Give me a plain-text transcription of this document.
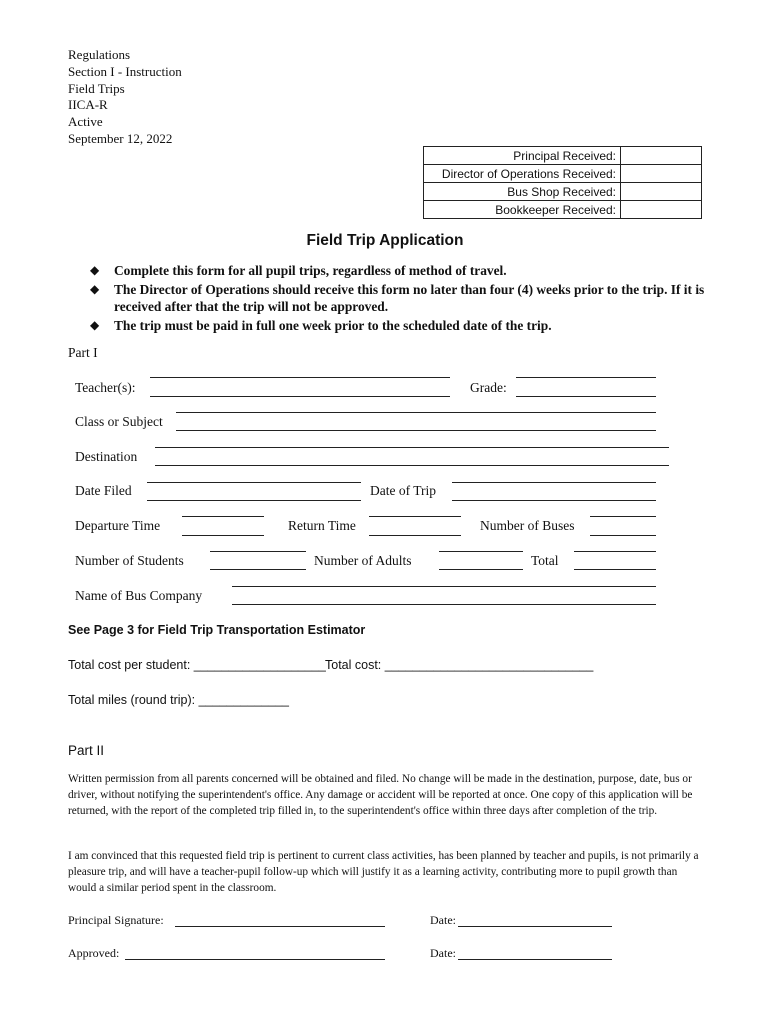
Regulations
Section I - Instruction
Field Trips
IICA-R
Active
September 12, 2022
Principal Received:	
Director of Operations Received:	
Bus Shop Received:	
Bookkeeper Received:	
Field Trip Application
◆ Complete this form for all pupil trips, regardless of method of travel.
◆ The Director of Operations should receive this form no later than four (4) weeks prior to the trip. If it is received after that the trip will not be approved.
◆ The trip must be paid in full one week prior to the scheduled date of the trip.
Part I
Teacher(s):	Grade:
Class or Subject
Destination
Date Filed	Date of Trip
Departure Time	Return Time	Number of Buses
Number of Students	Number of Adults	Total
Name of Bus Company
See Page 3 for Field Trip Transportation Estimator
Total cost per student: ___________________ Total cost: ______________________________
Total miles (round trip): _____________
Part II
Written permission from all parents concerned will be obtained and filed. No change will be made in the destination, purpose, date, bus or driver, without notifying the superintendent's office. Any damage or accident will be reported at once. One copy of this application will be returned, with the report of the completed trip filled in, to the superintendent's office within three days after completion of the trip.
I am convinced that this requested field trip is pertinent to current class activities, has been planned by teacher and pupils, is not primarily a pleasure trip, and will have a teacher-pupil follow-up which will justify it as a learning activity, contributing more to pupil growth than would a similar period spent in the classroom.
Principal Signature:	Date:
Approved:	Date:
